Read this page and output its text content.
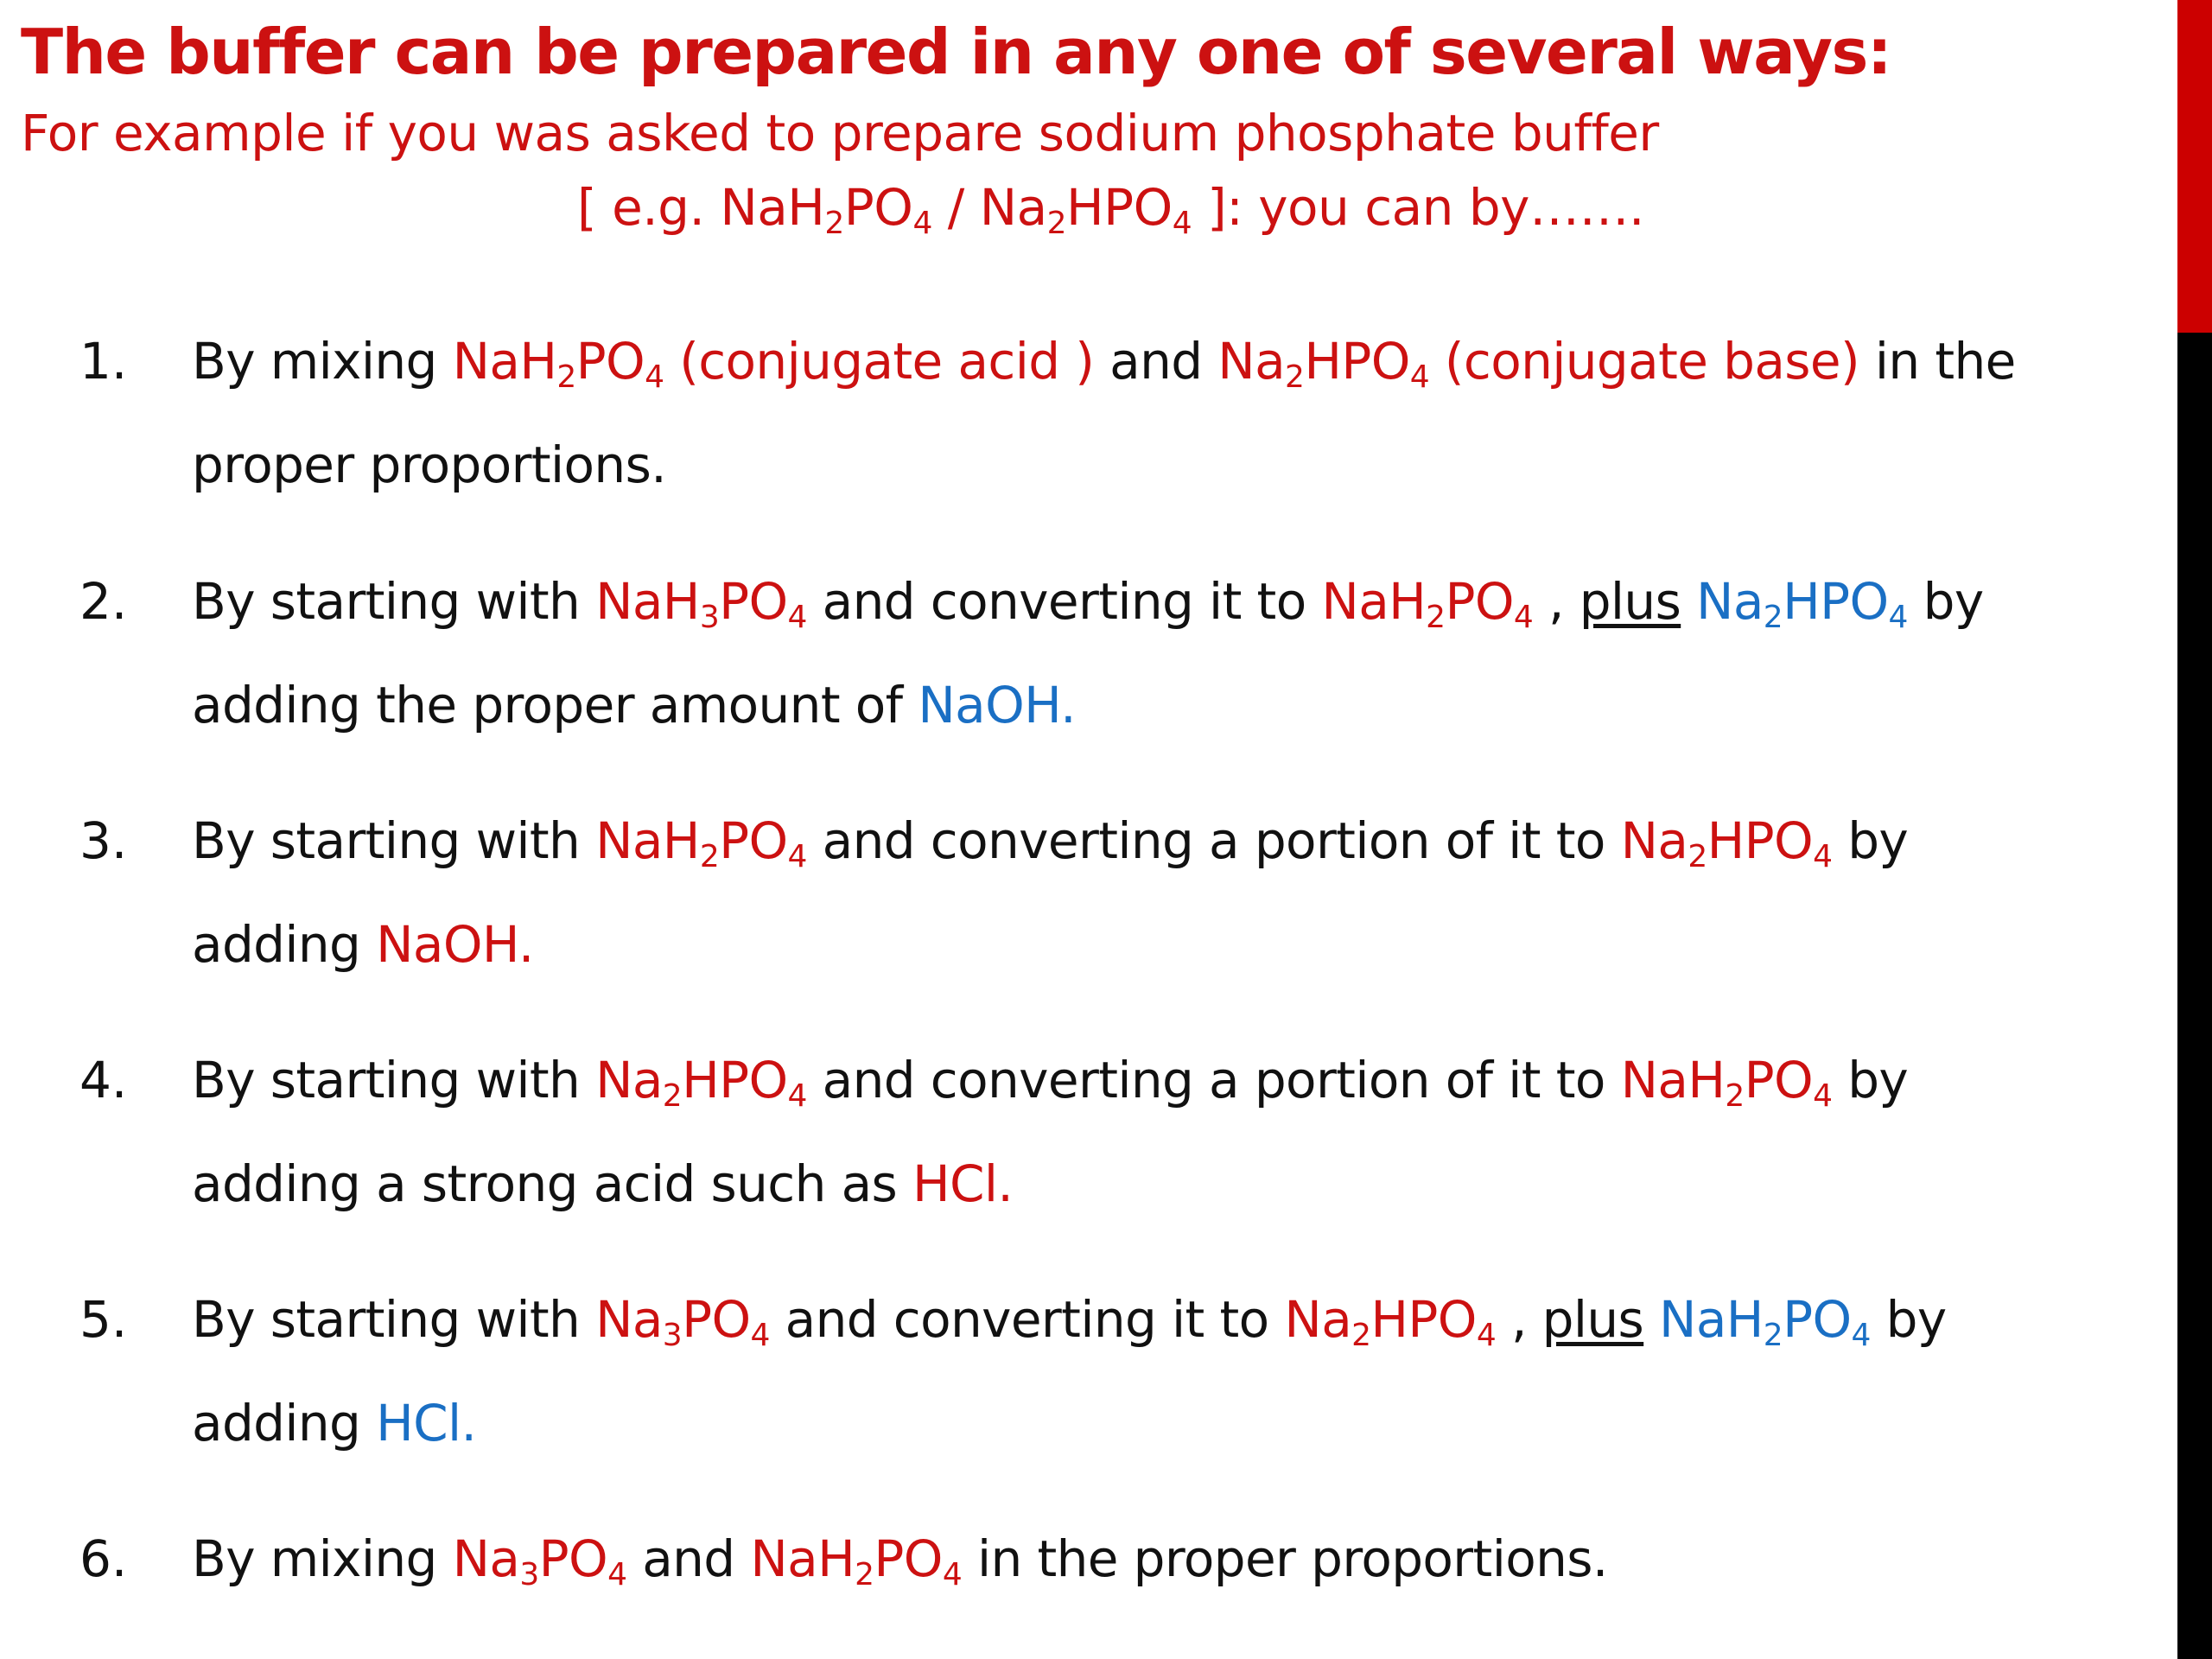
The buffer can be prepared in any one of several ways:

For example if you was asked to prepare sodium phosphate buffer

[ e.g. $NaH_2PO_4 / Na_2HPO_4$ ]: you can by…….

1. By mixing $NaH_2PO_4$ (conjugate acid ) and $Na_2HPO_4$ (conjugate base) in the
proper proportions.
2. By starting with $NaH_3PO_4$ and converting it to $NaH_2PO_4$ , plus $Na_2HPO_4$ by
adding the proper amount of NaOH.
3. By starting with $NaH_2PO_4$ and converting a portion of it to $Na_2HPO_4$ by
adding NaOH.
4. By starting with $Na_2HPO_4$ and converting a portion of it to $NaH_2PO_4$ by
adding a strong acid such as HCl.
5. By starting with $Na_3PO_4$ and converting it to $Na_2HPO_4$ , plus $NaH_2PO_4$ by
adding HCl.
6. By mixing $Na_3PO_4$ and $NaH_2PO_4$ in the proper proportions.
